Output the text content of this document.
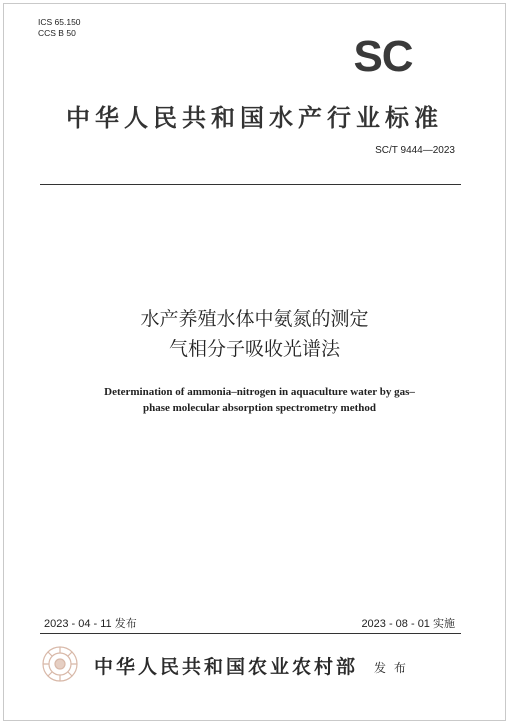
ICS 65.150
CCS B 50	SC
中华人民共和国水产行业标准
SC/T 9444—2023
水产养殖水体中氨氮的测定
气相分子吸收光谱法
Determination of ammonia–nitrogen in aquaculture water by gas–
phase molecular absorption spectrometry method
2023 - 04 - 11 发布	2023 - 08 - 01 实施
中华人民共和国农业农村部 发 布
